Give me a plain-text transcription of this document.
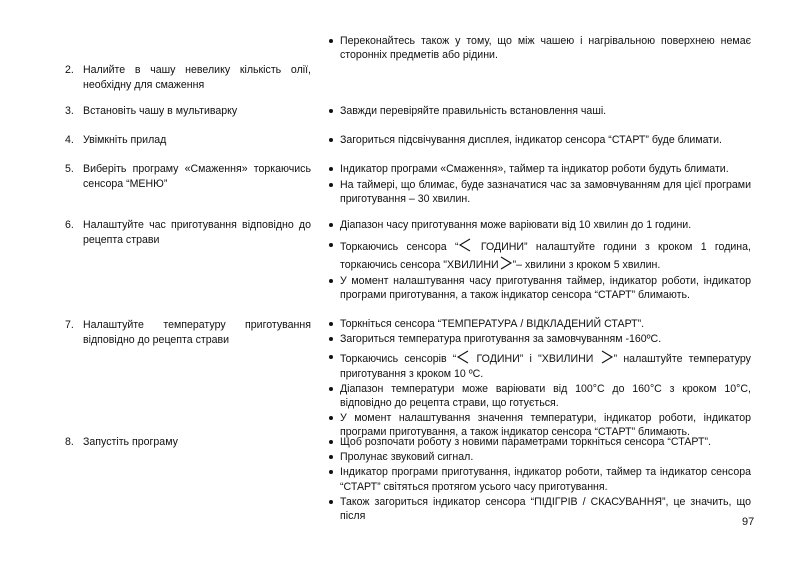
2. Налийте в чашу невелику кількість олії, необхідну для смаження
3. Встановіть чашу в мультиварку
4. Увімкніть прилад
5. Виберіть програму «Смаження» торкаючись сенсора “МЕНЮ”
6. Налаштуйте час приготування відповідно до рецепта страви
7. Налаштуйте температуру приготування відповідно до рецепта страви
8. Запустіть програму
Переконайтесь також у тому, що між чашею і нагрівальною поверхнею немає сторонніх предметів або рідини.
Завжди перевіряйте правильність встановлення чаші.
Загориться підсвічування дисплея, індикатор сенсора “СТАРТ” буде блимати.
Індикатор програми «Смаження», таймер та індикатор роботи будуть блимати.
На таймері, що блимає, буде зазначатися час за замовчуванням для цієї програми приготування – 30 хвилин.
Діапазон часу приготування може варіювати від 10 хвилин до 1 години.
Торкаючись сенсора “ ГОДИНИ” налаштуйте години з кроком 1 година, торкаючись сенсора "ХВИЛИНИ ”– хвилини з кроком 5 хвилин.
У момент налаштування часу приготування таймер, індикатор роботи, індикатор програми приготування, а також індикатор сенсора “СТАРТ” блимають.
Торкніться сенсора “ТЕМПЕРАТУРА / ВІДКЛАДЕНИЙ СТАРТ”.
Загориться температура приготування за замовчуванням -160ºС.
Торкаючись сенсорів “ ГОДИНИ” і "ХВИЛИНИ ” налаштуйте температуру приготування з кроком 10 ºС.
Діапазон температури може варіювати від 100°С до 160°С з кроком 10°С, відповідно до рецепта страви, що готується.
У момент налаштування значення температури, індикатор роботи, індикатор програми приготування, а також індикатор сенсора “СТАРТ” блимають.
Щоб розпочати роботу з новими параметрами торкніться сенсора “СТАРТ”.
Пролунає звуковий сигнал.
Індикатор програми приготування, індикатор роботи, таймер та індикатор сенсора “СТАРТ” світяться протягом усього часу приготування.
Також загориться індикатор сенсора “ПІДІГРІВ / СКАСУВАННЯ”, це значить, що після	97
